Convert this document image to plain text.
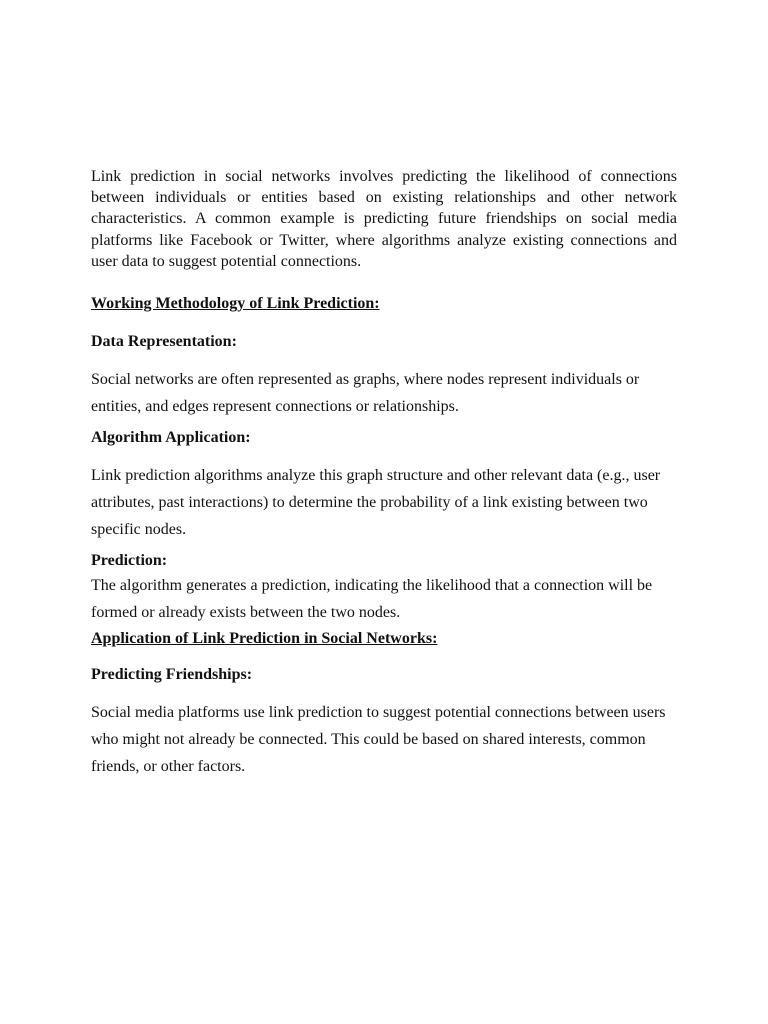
Link prediction in social networks involves predicting the likelihood of connections between individuals or entities based on existing relationships and other network characteristics. A common example is predicting future friendships on social media platforms like Facebook or Twitter, where algorithms analyze existing connections and user data to suggest potential connections.

Working Methodology of Link Prediction:

Data Representation:

Social networks are often represented as graphs, where nodes represent individuals or entities, and edges represent connections or relationships.

Algorithm Application:

Link prediction algorithms analyze this graph structure and other relevant data (e.g., user attributes, past interactions) to determine the probability of a link existing between two specific nodes.

Prediction:

The algorithm generates a prediction, indicating the likelihood that a connection will be formed or already exists between the two nodes.

Application of Link Prediction in Social Networks:

Predicting Friendships:

Social media platforms use link prediction to suggest potential connections between users who might not already be connected. This could be based on shared interests, common friends, or other factors.
